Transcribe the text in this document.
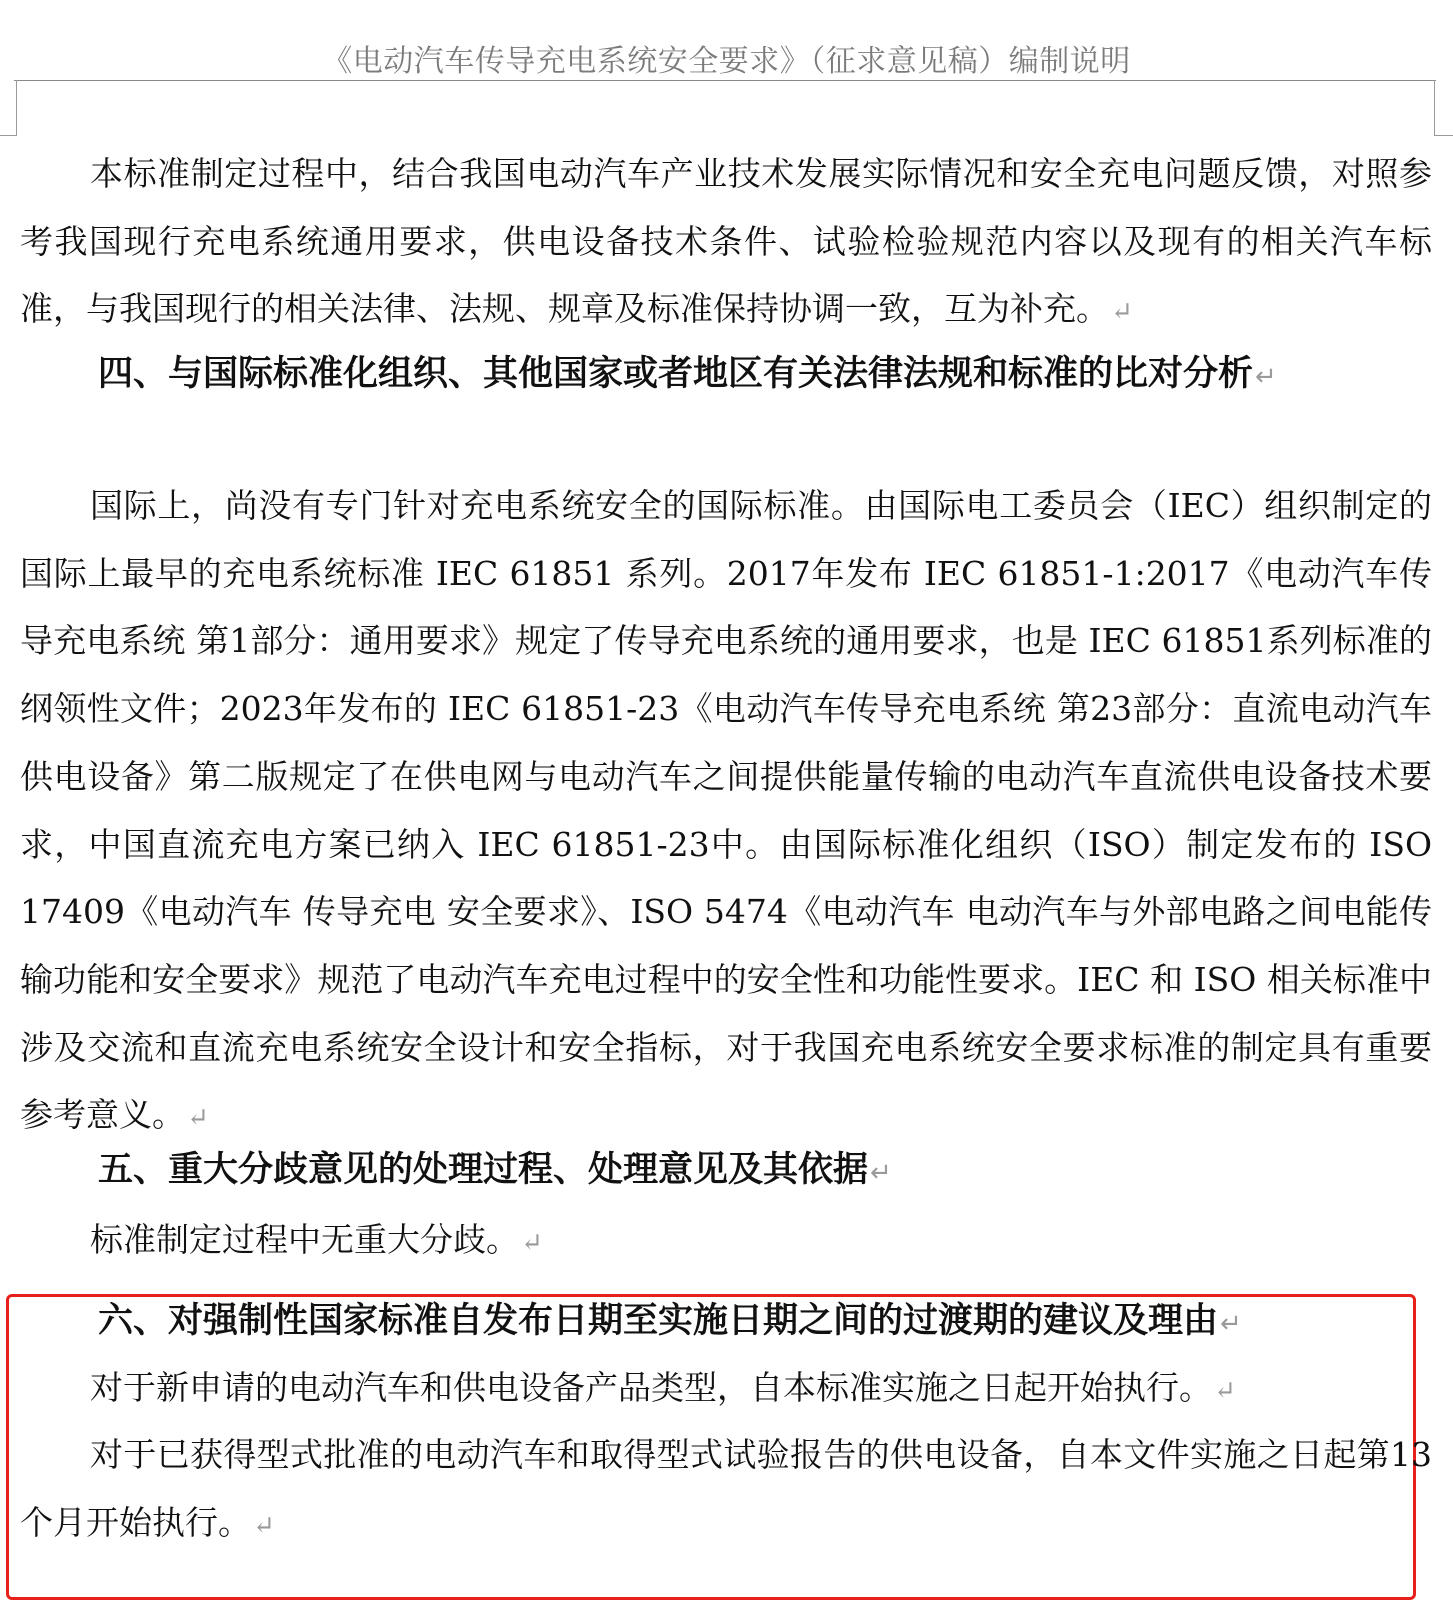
《电动汽车传导充电系统安全要求》（征求意见稿）编制说明
本标准制定过程中，结合我国电动汽车产业技术发展实际情况和安全充电问题反馈，对照参考我国现行充电系统通用要求，供电设备技术条件、试验检验规范内容以及现有的相关汽车标准，与我国现行的相关法律、法规、规章及标准保持协调一致，互为补充。↵
四、与国际标准化组织、其他国家或者地区有关法律法规和标准的比对分析↵
国际上，尚没有专门针对充电系统安全的国际标准。由国际电工委员会（IEC）组织制定的国际上最早的充电系统标准 IEC 61851 系列。2017年发布 IEC 61851-1:2017《电动汽车传导充电系统 第1部分：通用要求》规定了传导充电系统的通用要求，也是 IEC 61851系列标准的纲领性文件；2023年发布的 IEC 61851-23《电动汽车传导充电系统 第23部分：直流电动汽车供电设备》第二版规定了在供电网与电动汽车之间提供能量传输的电动汽车直流供电设备技术要求，中国直流充电方案已纳入 IEC 61851-23中。由国际标准化组织（ISO）制定发布的 ISO 17409《电动汽车 传导充电 安全要求》、ISO 5474《电动汽车 电动汽车与外部电路之间电能传输功能和安全要求》规范了电动汽车充电过程中的安全性和功能性要求。IEC 和 ISO 相关标准中涉及交流和直流充电系统安全设计和安全指标，对于我国充电系统安全要求标准的制定具有重要参考意义。↵
五、重大分歧意见的处理过程、处理意见及其依据↵
标准制定过程中无重大分歧。↵
六、对强制性国家标准自发布日期至实施日期之间的过渡期的建议及理由↵
对于新申请的电动汽车和供电设备产品类型，自本标准实施之日起开始执行。↵
对于已获得型式批准的电动汽车和取得型式试验报告的供电设备，自本文件实施之日起第13个月开始执行。↵
